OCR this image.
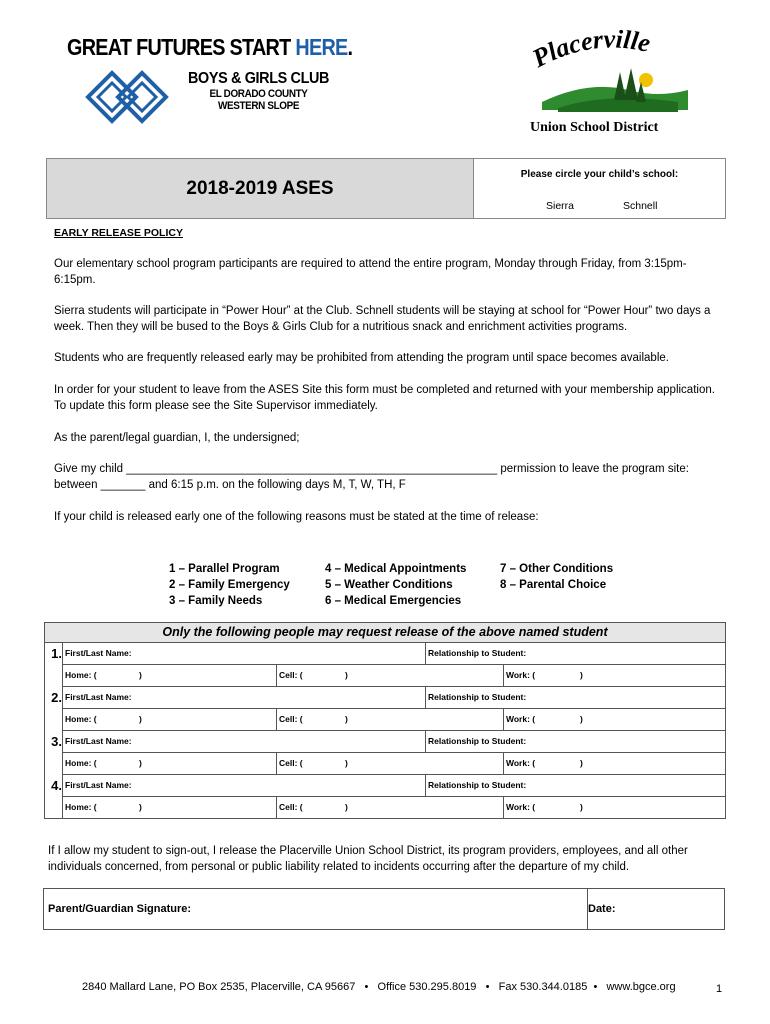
GREAT FUTURES START HERE.
BOYS & GIRLS CLUB
EL DORADO COUNTY
WESTERN SLOPE
Placerville
Union School District
2018-2019 ASES
Please circle your child’s school:
Sierra	Schnell
EARLY RELEASE POLICY
Our elementary school program participants are required to attend the entire program, Monday through Friday, from 3:15pm-6:15pm.
Sierra students will participate in “Power Hour” at the Club. Schnell students will be staying at school for “Power Hour” two days a week. Then they will be bused to the Boys & Girls Club for a nutritious snack and enrichment activities programs.
Students who are frequently released early may be prohibited from attending the program until space becomes available.
In order for your student to leave from the ASES Site this form must be completed and returned with your membership application. To update this form please see the Site Supervisor immediately.
As the parent/legal guardian, I, the undersigned;
Give my child __________________________________________________________ permission to leave the program site:
between _______ and 6:15 p.m. on the following days M, T, W, TH, F
If your child is released early one of the following reasons must be stated at the time of release:
1 – Parallel Program
2 – Family Emergency
3 – Family Needs
4 – Medical Appointments
5 – Weather Conditions
6 – Medical Emergencies
7 – Other Conditions
8 – Parental Choice
Only the following people may request release of the above named student
1. First/Last Name:	Relationship to Student:
Home: (	)	Cell: (	)	Work: (	)
2. First/Last Name:	Relationship to Student:
Home: (	)	Cell: (	)	Work: (	)
3. First/Last Name:	Relationship to Student:
Home: (	)	Cell: (	)	Work: (	)
4. First/Last Name:	Relationship to Student:
Home: (	)	Cell: (	)	Work: (	)
If I allow my student to sign-out, I release the Placerville Union School District, its program providers, employees, and all other individuals concerned, from personal or public liability related to incidents occurring after the departure of my child.
Parent/Guardian Signature:	Date:
2840 Mallard Lane, PO Box 2535, Placerville, CA 95667 • Office 530.295.8019 • Fax 530.344.0185 • www.bgce.org	1
